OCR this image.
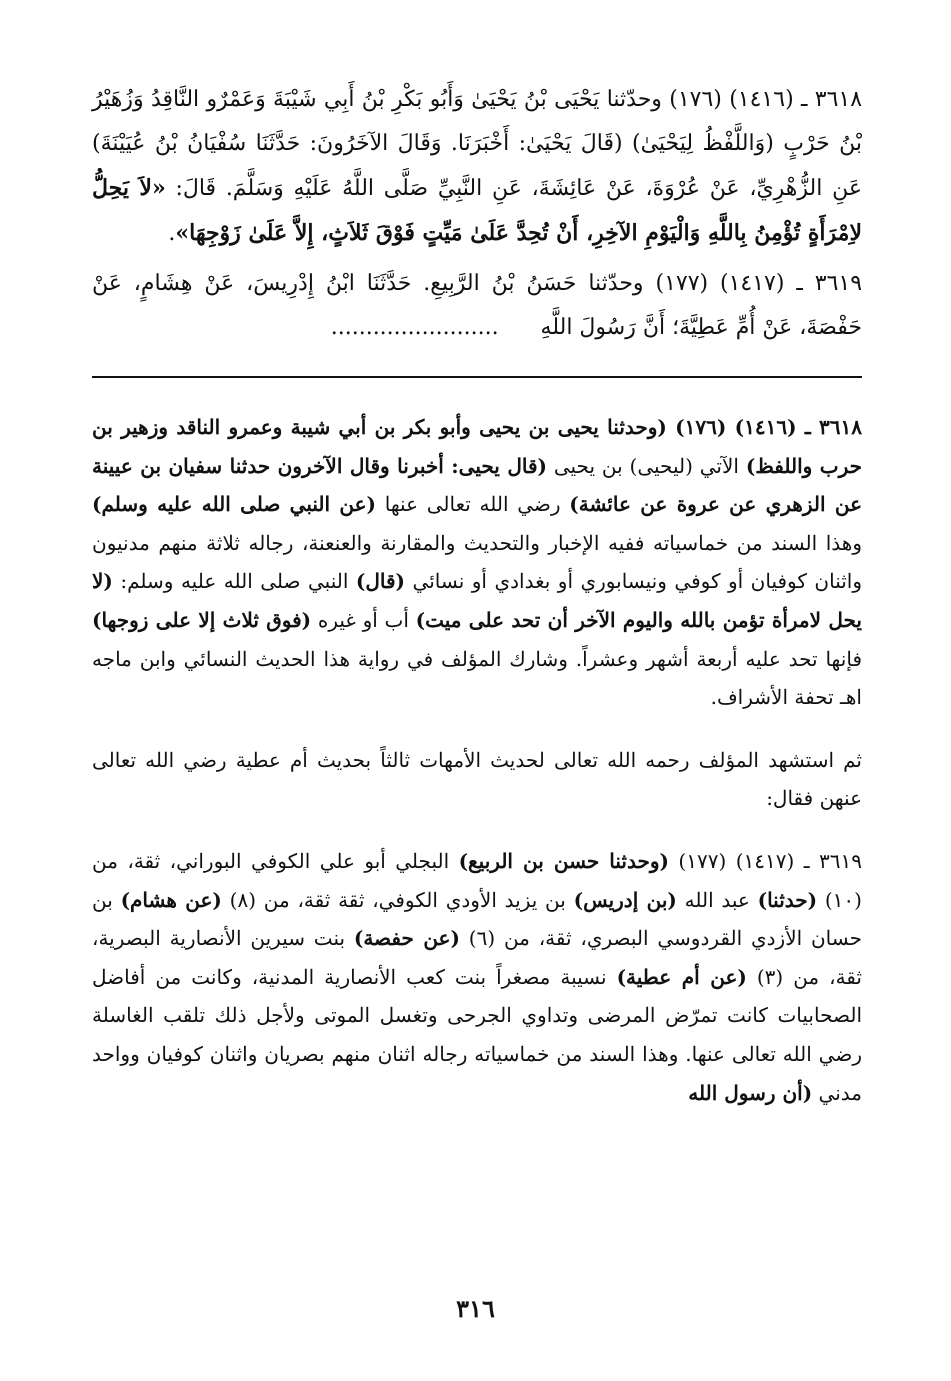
٣٦١٨ ـ (١٤١٦) (١٧٦) وحدّثنا يَحْيَى بْنُ يَحْيَىٰ وَأَبُو بَكْرِ بْنُ أَبِي شَيْبَةَ وَعَمْرٌو النَّاقِدُ وَزُهَيْرُ بْنُ حَرْبٍ (وَاللَّفْظُ لِيَحْيَىٰ) (قَالَ يَحْيَىٰ: أَخْبَرَنَا. وَقَالَ الآخَرُونَ: حَدَّثَنَا سُفْيَانُ بْنُ عُيَيْنَةَ) عَنِ الزُّهْرِيِّ، عَنْ عُرْوَةَ، عَنْ عَائِشَةَ، عَنِ النَّبِيِّ صَلَّى اللَّهُ عَلَيْهِ وَسَلَّمَ. قَالَ: «لاَ يَحِلُّ لاِمْرَأَةٍ تُؤْمِنُ بِاللَّهِ وَالْيَوْمِ الآخِرِ، أَنْ تُحِدَّ عَلَىٰ مَيِّتٍ فَوْقَ ثَلاَثٍ، إِلاَّ عَلَىٰ زَوْجِهَا».

٣٦١٩ ـ (١٤١٧) (١٧٧) وحدّثنا حَسَنُ بْنُ الرَّبِيعِ. حَدَّثَنَا ابْنُ إِدْرِيسَ، عَنْ هِشَامٍ، عَنْ حَفْصَةَ، عَنْ أُمِّ عَطِيَّةَ؛ أَنَّ رَسُولَ اللَّهِ      ........................

٣٦١٨ ـ (١٤١٦) (١٧٦) (وحدثنا يحيى بن يحيى وأبو بكر بن أبي شيبة وعمرو الناقد وزهير بن حرب واللفظ) الآتي (ليحيى) بن يحيى (قال يحيى: أخبرنا وقال الآخرون حدثنا سفيان بن عيينة عن الزهري عن عروة عن عائشة) رضي الله تعالى عنها (عن النبي صلى الله عليه وسلم) وهذا السند من خماسياته ففيه الإخبار والتحديث والمقارنة والعنعنة، رجاله ثلاثة منهم مدنيون واثنان كوفيان أو كوفي ونيسابوري أو بغدادي أو نسائي (قال) النبي صلى الله عليه وسلم: (لا يحل لامرأة تؤمن بالله واليوم الآخر أن تحد على ميت) أب أو غيره (فوق ثلاث إلا على زوجها) فإنها تحد عليه أربعة أشهر وعشراً. وشارك المؤلف في رواية هذا الحديث النسائي وابن ماجه اهـ تحفة الأشراف.

ثم استشهد المؤلف رحمه الله تعالى لحديث الأمهات ثالثاً بحديث أم عطية رضي الله تعالى عنهن فقال:

٣٦١٩ ـ (١٤١٧) (١٧٧) (وحدثنا حسن بن الربيع) البجلي أبو علي الكوفي البوراني، ثقة، من (١٠) (حدثنا) عبد الله (بن إدريس) بن يزيد الأودي الكوفي، ثقة ثقة، من (٨) (عن هشام) بن حسان الأزدي القردوسي البصري، ثقة، من (٦) (عن حفصة) بنت سيرين الأنصارية البصرية، ثقة، من (٣) (عن أم عطية) نسيبة مصغراً بنت كعب الأنصارية المدنية، وكانت من أفاضل الصحابيات كانت تمرّض المرضى وتداوي الجرحى وتغسل الموتى ولأجل ذلك تلقب الغاسلة رضي الله تعالى عنها. وهذا السند من خماسياته رجاله اثنان منهم بصريان واثنان كوفيان وواحد مدني (أن رسول الله

٣١٦
